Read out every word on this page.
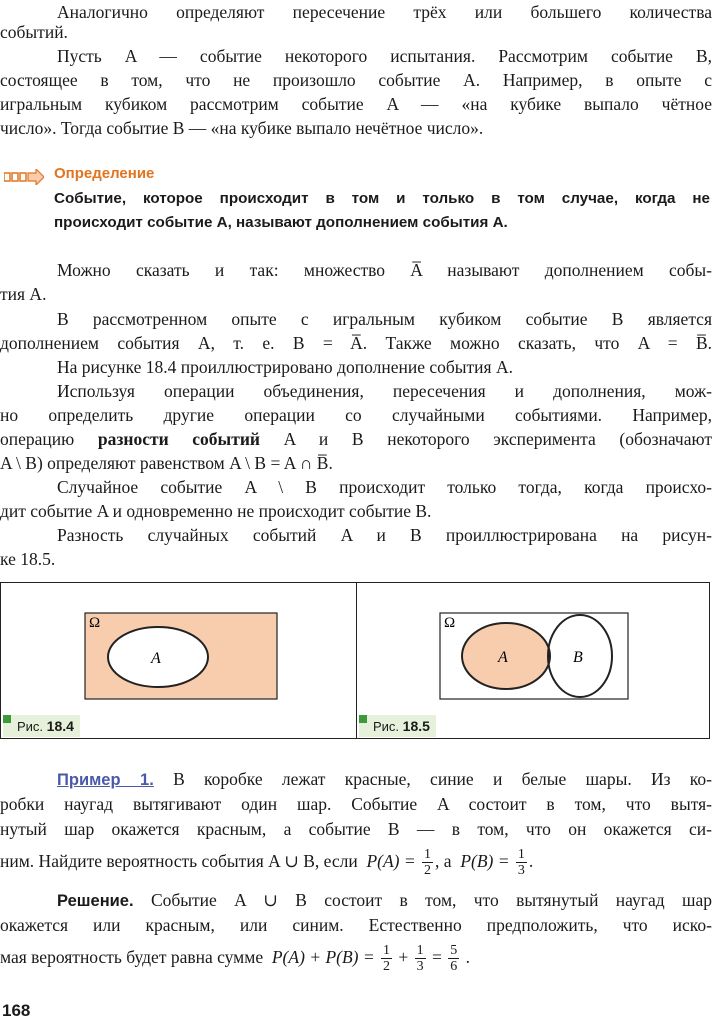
Аналогично определяют пересечение трёх или большего количества

событий.

Пусть A — событие некоторого испытания. Рассмотрим событие B,

состоящее в том, что не произошло событие A. Например, в опыте с

игральным кубиком рассмотрим событие A — «на кубике выпало чётное

число». Тогда событие B — «на кубике выпало нечётное число».

Определение

Событие, которое происходит в том и только в том случае, когда не

происходит событие A, называют дополнением события A.

Можно сказать и так: множество A̅ называют дополнением собы-

тия A.

В рассмотренном опыте с игральным кубиком событие B является

дополнением события A, т. е. B = A̅. Также можно сказать, что A = B̅.

На рисунке 18.4 проиллюстрировано дополнение события A.

Используя операции объединения, пересечения и дополнения, мож-

но определить другие операции со случайными событиями. Например,

операцию разности событий A и B некоторого эксперимента (обозначают

A \ B) определяют равенством A \ B = A ∩ B̅.

Случайное событие A \ B происходит только тогда, когда происхо-

дит событие A и одновременно не происходит событие B.

Разность случайных событий A и B проиллюстрирована на рисун-

ке 18.5.

Ω
A
Ω
A	B
Рис. 18.4	Рис. 18.5

Пример 1. В коробке лежат красные, синие и белые шары. Из ко-

робки наугад вытягивают один шар. Событие A состоит в том, что вытя-

нутый шар окажется красным, а событие B — в том, что он окажется си-

ним. Найдите вероятность события A ∪ B, если $P(A) = \frac{1}{2}$ , а $P(B) = \frac{1}{3}$ .

Решение. Событие A ∪ B состоит в том, что вытянутый наугад шар

окажется или красным, или синим. Естественно предположить, что иско-

мая вероятность будет равна сумме $P(A) + P(B) = \frac{1}{2} + \frac{1}{3} = \frac{5}{6}$ .

168
